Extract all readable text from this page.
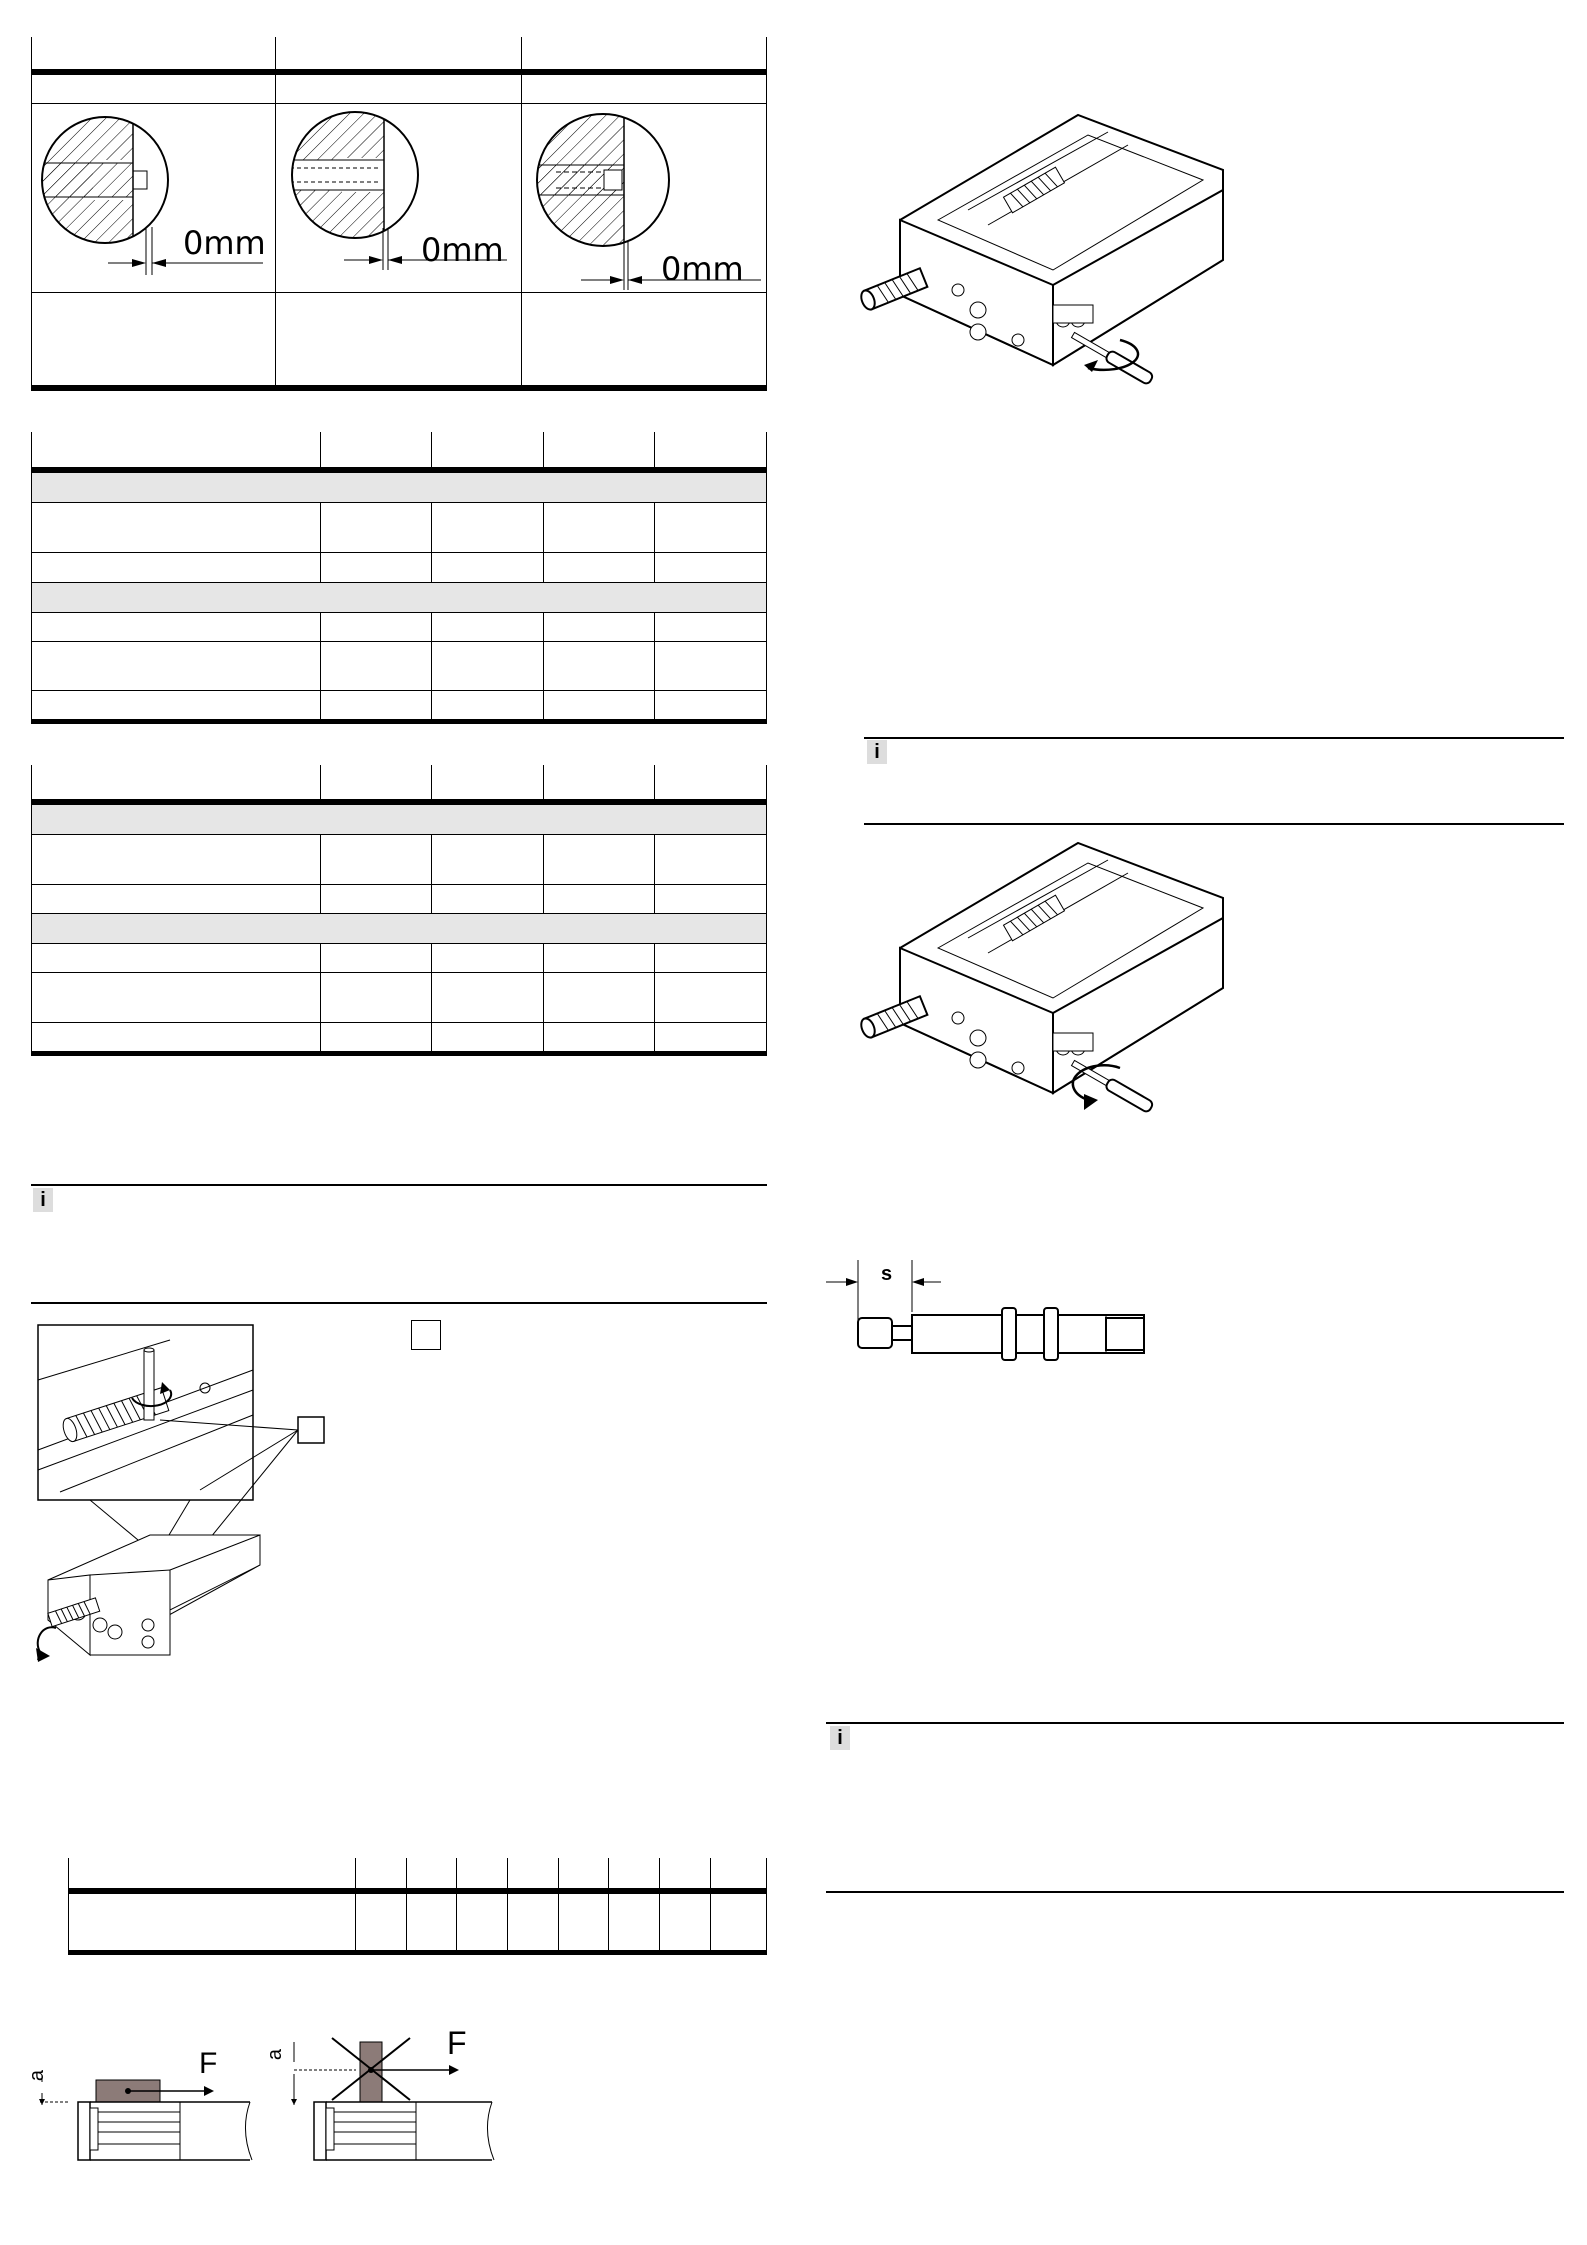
0mm	0mm	0mm
i
F
a
F
a
i
s
i
